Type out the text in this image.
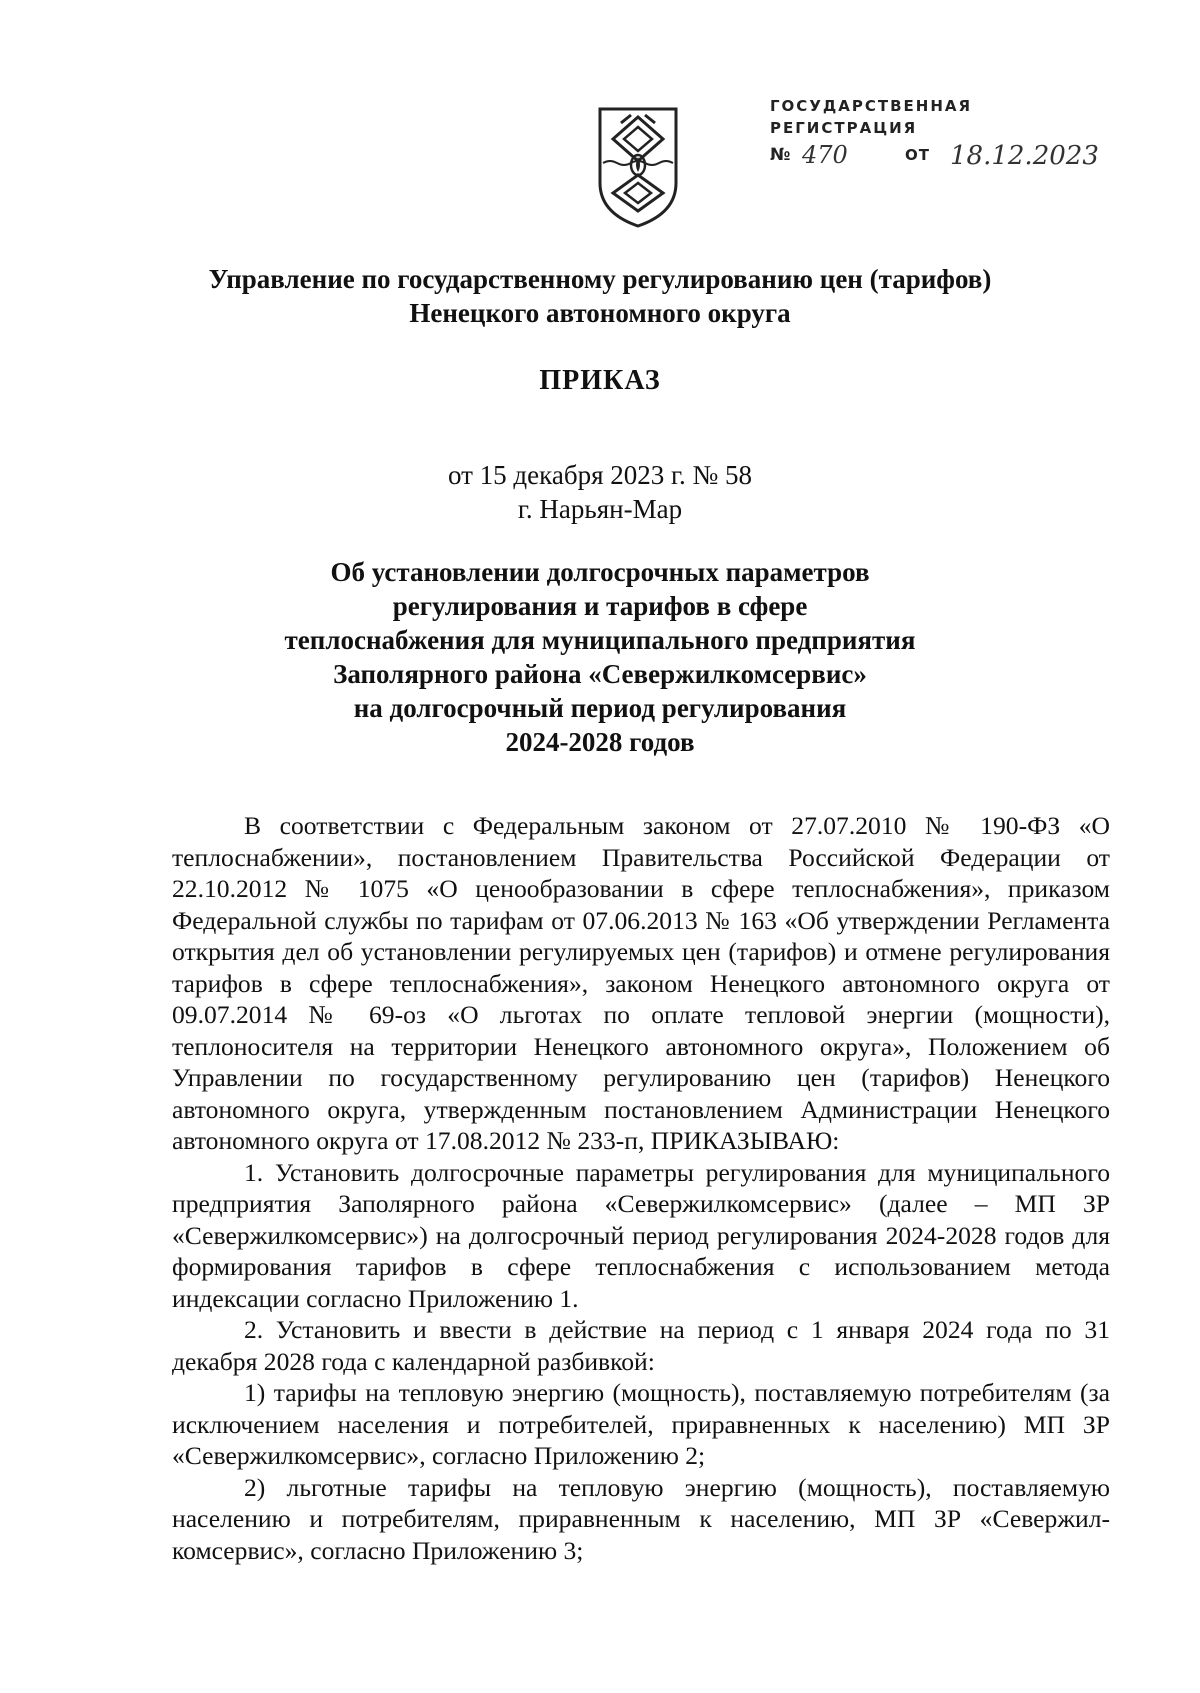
ГОСУДАРСТВЕННАЯ
РЕГИСТРАЦИЯ
№ 470	ОТ 18.12.2023
Управление по государственному регулированию цен (тарифов)
Ненецкого автономного округа
ПРИКАЗ
от 15 декабря 2023 г. № 58
г. Нарьян-Мар
Об установлении долгосрочных параметров
регулирования и тарифов в сфере
теплоснабжения для муниципального предприятия
Заполярного района «Севержилкомсервис»
на долгосрочный период регулирования
2024-2028 годов

В соответствии с Федеральным законом от 27.07.2010 № 190-ФЗ «О теплоснабжении», постановлением Правительства Российской Федерации от 22.10.2012 № 1075 «О ценообразовании в сфере теплоснабжения», приказом Федеральной службы по тарифам от 07.06.2013 № 163 «Об утверждении Регламента открытия дел об установлении регулируемых цен (тарифов) и отмене регулирования тарифов в сфере теплоснабжения», законом Ненецкого автономного округа от 09.07.2014 № 69-оз «О льготах по оплате тепловой энергии (мощности), теплоносителя на территории Ненецкого автономного округа», Положением об Управлении по государственному регулированию цен (тарифов) Ненецкого автономного округа, утвержденным постановлением Администрации Ненецкого автономного округа от 17.08.2012 № 233-п, ПРИКАЗЫВАЮ:

1. Установить долгосрочные параметры регулирования для муниципального предприятия Заполярного района «Севержилкомсервис» (далее – МП ЗР «Севержилкомсервис») на долгосрочный период регулирования 2024-2028 годов для формирования тарифов в сфере теплоснабжения с использованием метода индексации согласно Приложению 1.

2. Установить и ввести в действие на период с 1 января 2024 года по 31 декабря 2028 года с календарной разбивкой:

1) тарифы на тепловую энергию (мощность), поставляемую потребителям (за исключением населения и потребителей, приравненных к населению) МП ЗР «Севержилкомсервис», согласно Приложению 2;

2) льготные тарифы на тепловую энергию (мощность), поставляемую населению и потребителям, приравненным к населению, МП ЗР «Севержил-комсервис», согласно Приложению 3;
